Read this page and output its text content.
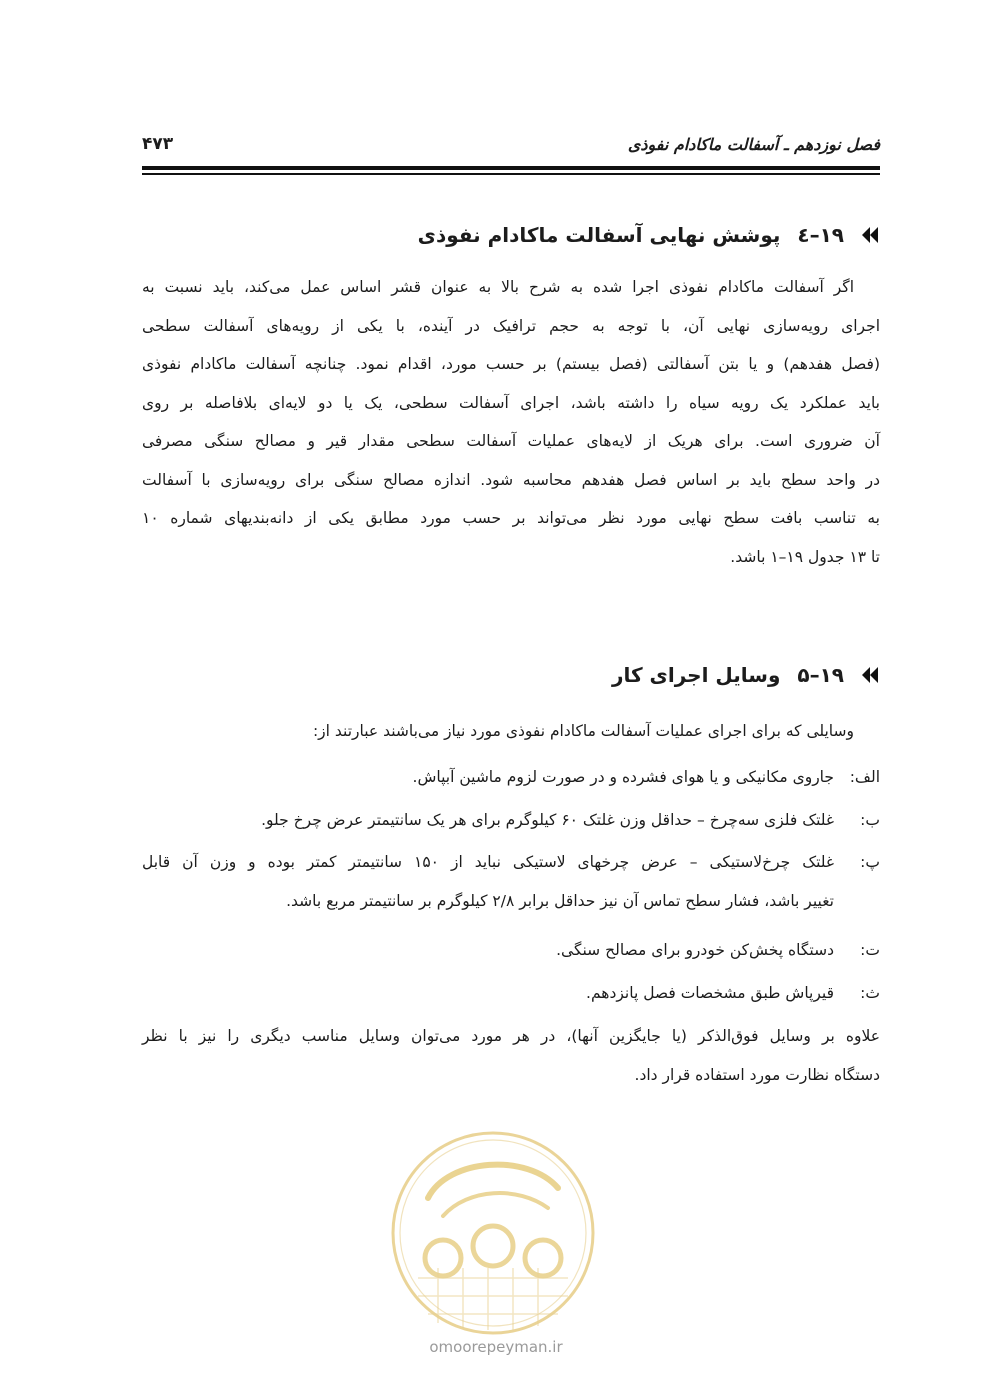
فصل نوزدهم ـ آسفالت ماکادام نفوذی
۴۷۳
۱۹–٤ پوشش نهایی آسفالت ماکادام نفوذی
اگر آسفالت ماکادام نفوذی اجرا شده به شرح بالا به عنوان قشر اساس عمل می‌کند، باید نسبت به
اجرای رویه‌سازی نهایی آن، با توجه به حجم ترافیک در آینده، با یکی از رویه‌های آسفالت سطحی
(فصل هفدهم) و یا بتن آسفالتی (فصل بیستم) بر حسب مورد، اقدام نمود. چنانچه آسفالت ماکادام نفوذی
باید عملکرد یک رویه سیاه را داشته باشد، اجرای آسفالت سطحی، یک یا دو لایه‌ای بلافاصله بر روی
آن ضروری است. برای هریک از لایه‌های عملیات آسفالت سطحی مقدار قیر و مصالح سنگی مصرفی
در واحد سطح باید بر اساس فصل هفدهم محاسبه شود. اندازه مصالح سنگی برای رویه‌سازی با آسفالت
به تناسب بافت سطح نهایی مورد نظر می‌تواند بر حسب مورد مطابق یکی از دانه‌بندیهای شماره ۱۰
تا ۱۳ جدول ۱۹–۱ باشد.
۱۹–۵ وسایل اجرای کار
وسایلی که برای اجرای عملیات آسفالت ماکادام نفوذی مورد نیاز می‌باشند عبارتند از:
الف:
جاروی مکانیکی و یا هوای فشرده و در صورت لزوم ماشین آبپاش.
ب:
غلتک فلزی سه‌چرخ – حداقل وزن غلتک ۶۰ کیلوگرم برای هر یک سانتیمتر عرض چرخ جلو.
پ:
غلتک چرخ‌لاستیکی – عرض چرخهای لاستیکی نباید از ۱۵۰ سانتیمتر کمتر بوده و وزن آن قابل
تغییر باشد، فشار سطح تماس آن نیز حداقل برابر ۲/۸ کیلوگرم بر سانتیمتر مربع باشد.
ت:
دستگاه پخش‌کن خودرو برای مصالح سنگی.
ث:
قیرپاش طبق مشخصات فصل پانزدهم.
علاوه بر وسایل فوق‌الذکر (یا جایگزین آنها)، در هر مورد می‌توان وسایل مناسب دیگری را نیز با نظر
دستگاه نظارت مورد استفاده قرار داد.
omoorepeyman.ir
